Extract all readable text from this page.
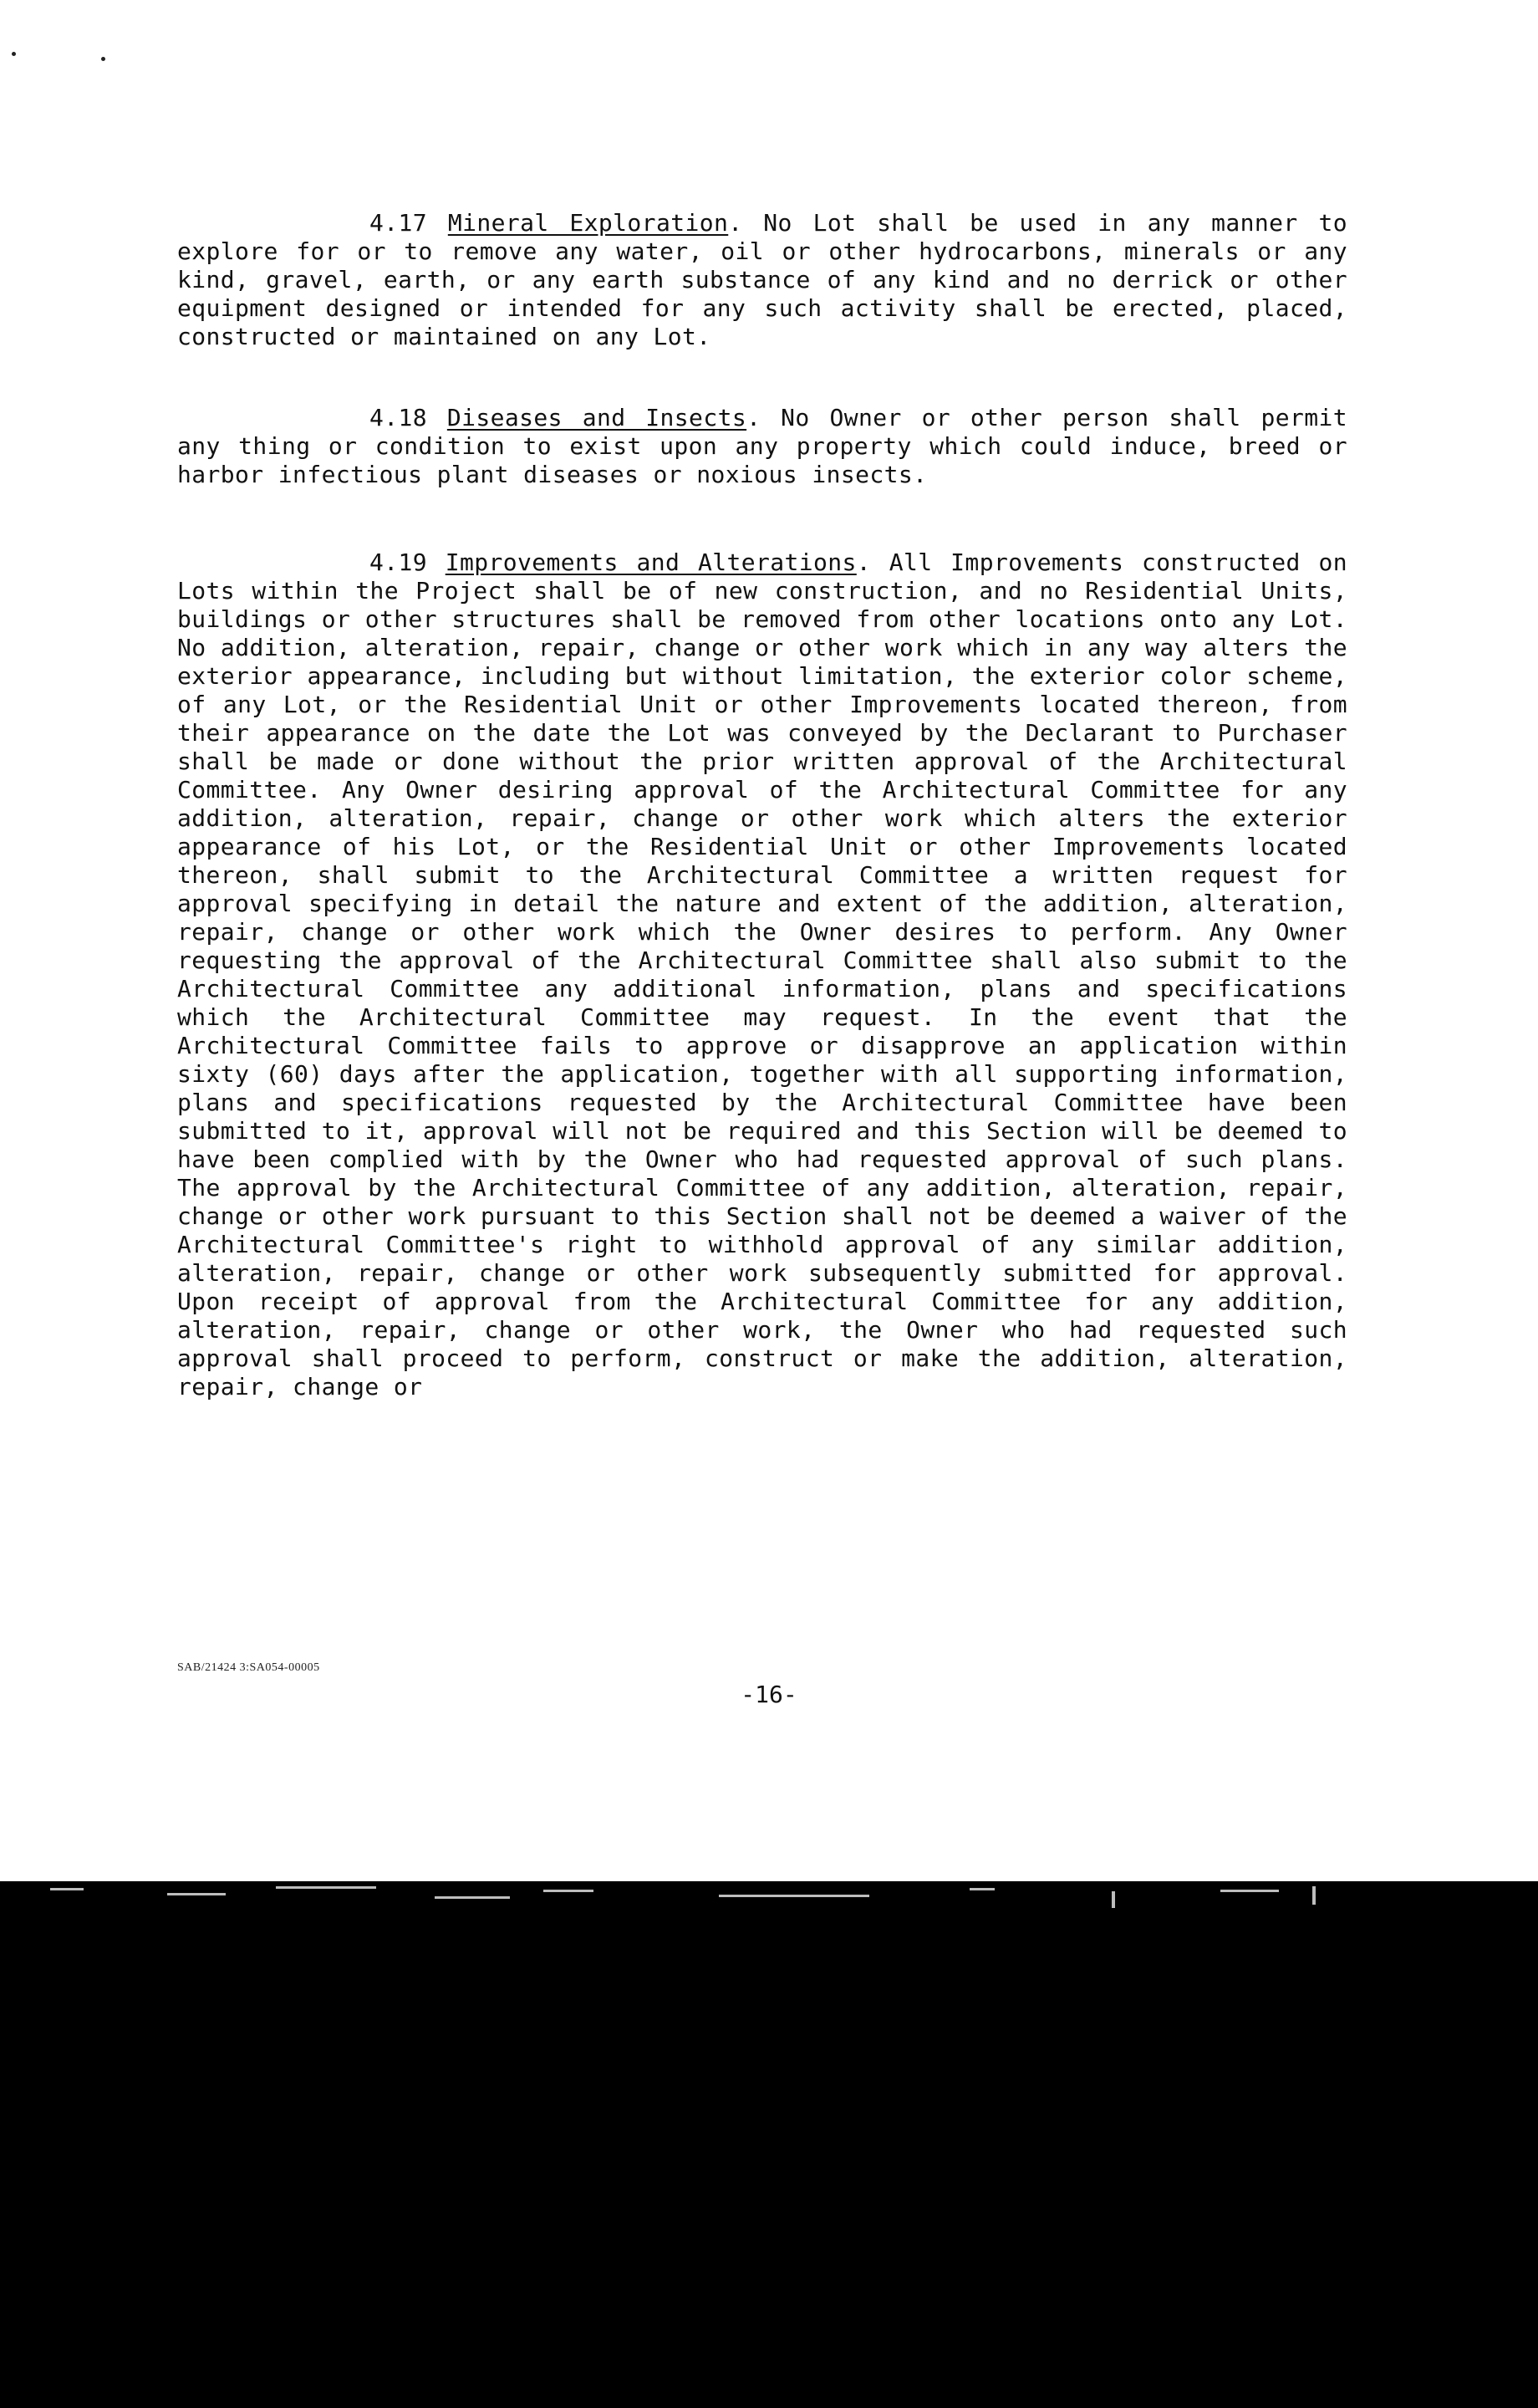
4.17 Mineral Exploration. No Lot shall be used in any manner to explore for or to remove any water, oil or other hydrocarbons, minerals or any kind, gravel, earth, or any earth substance of any kind and no derrick or other equipment designed or intended for any such activity shall be erected, placed, constructed or maintained on any Lot.

4.18 Diseases and Insects. No Owner or other person shall permit any thing or condition to exist upon any property which could induce, breed or harbor infectious plant diseases or noxious insects.

4.19 Improvements and Alterations. All Improvements constructed on Lots within the Project shall be of new construction, and no Residential Units, buildings or other structures shall be removed from other locations onto any Lot. No addition, alteration, repair, change or other work which in any way alters the exterior appearance, including but without limitation, the exterior color scheme, of any Lot, or the Residential Unit or other Improvements located thereon, from their appearance on the date the Lot was conveyed by the Declarant to Purchaser shall be made or done without the prior written approval of the Architectural Committee. Any Owner desiring approval of the Architectural Committee for any addition, alteration, repair, change or other work which alters the exterior appearance of his Lot, or the Residential Unit or other Improvements located thereon, shall submit to the Architectural Committee a written request for approval specifying in detail the nature and extent of the addition, alteration, repair, change or other work which the Owner desires to perform. Any Owner requesting the approval of the Architectural Committee shall also submit to the Architectural Committee any additional information, plans and specifications which the Architectural Committee may request. In the event that the Architectural Committee fails to approve or disapprove an application within sixty (60) days after the application, together with all supporting information, plans and specifications requested by the Architectural Committee have been submitted to it, approval will not be required and this Section will be deemed to have been complied with by the Owner who had requested approval of such plans. The approval by the Architectural Committee of any addition, alteration, repair, change or other work pursuant to this Section shall not be deemed a waiver of the Architectural Committee's right to withhold approval of any similar addition, alteration, repair, change or other work subsequently submitted for approval. Upon receipt of approval from the Architectural Committee for any addition, alteration, repair, change or other work, the Owner who had requested such approval shall proceed to perform, construct or make the addition, alteration, repair, change or

SAB/21424 3:SA054-00005
-16-
